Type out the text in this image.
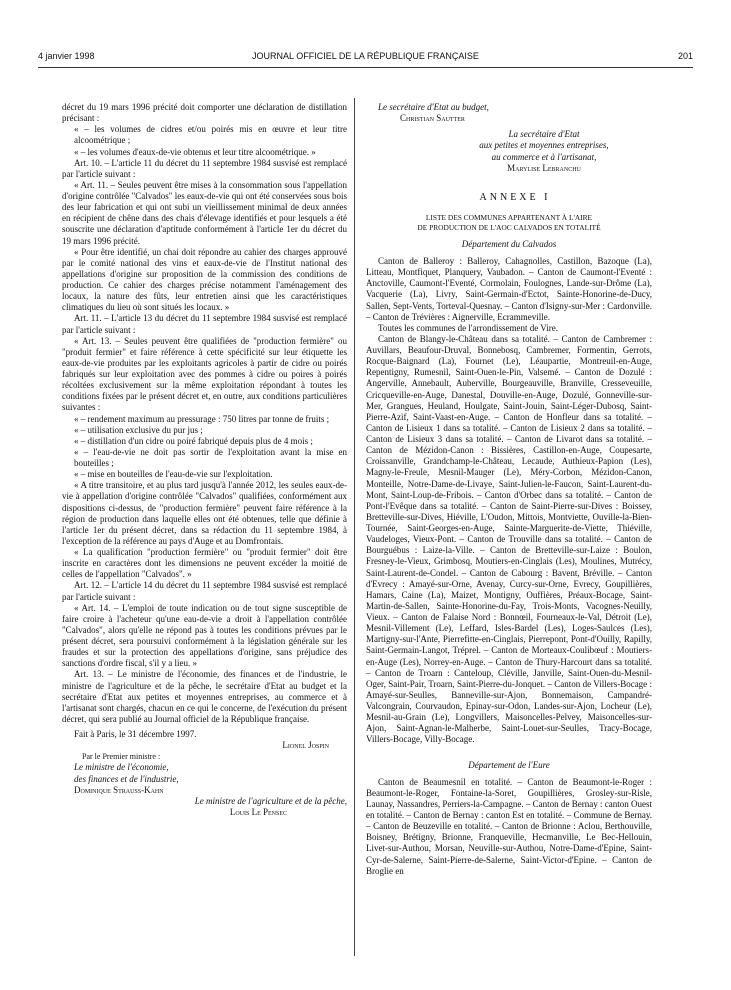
4 janvier 1998	JOURNAL OFFICIEL DE LA RÉPUBLIQUE FRANÇAISE	201

décret du 19 mars 1996 précité doit comporter une déclaration de distillation précisant :

« – les volumes de cidres et/ou poirés mis en œuvre et leur titre alcoométrique ;

« – les volumes d'eaux-de-vie obtenus et leur titre alcoométrique. »

Art. 10. – L'article 11 du décret du 11 septembre 1984 susvisé est remplacé par l'article suivant :

« Art. 11. – Seules peuvent être mises à la consommation sous l'appellation d'origine contrôlée "Calvados" les eaux-de-vie qui ont été conservées sous bois des leur fabrication et qui ont subi un vieillissement minimal de deux années en récipient de chêne dans des chais d'élevage identifiés et pour lesquels a été souscrite une déclaration d'aptitude conformément à l'article 1er du décret du 19 mars 1996 précité.

« Pour être identifié, un chai doit répondre au cahier des charges approuvé par le comité national des vins et eaux-de-vie de l'Institut national des appellations d'origine sur proposition de la commission des conditions de production. Ce cahier des charges précise notamment l'aménagement des locaux, la nature des fûts, leur entretien ainsi que les caractéristiques climatiques du lieu où sont situés les locaux. »

Art. 11. – L'article 13 du décret du 11 septembre 1984 susvisé est remplacé par l'article suivant :

« Art. 13. – Seules peuvent être qualifiées de "production fermière" ou "produit fermier" et faire référence à cette spécificité sur leur étiquette les eaux-de-vie produites par les exploitants agricoles à partir de cidre ou poirés fabriqués sur leur exploitation avec des pommes à cidre ou poires à poirés récoltées exclusivement sur la même exploitation répondant à toutes les conditions fixées par le présent décret et, en outre, aux conditions particulières suivantes :

« – rendement maximum au pressurage : 750 litres par tonne de fruits ;

« – utilisation exclusive du pur jus ;

« – distillation d'un cidre ou poiré fabriqué depuis plus de 4 mois ;

« – l'eau-de-vie ne doit pas sortir de l'exploitation avant la mise en bouteilles ;

« – mise en bouteilles de l'eau-de-vie sur l'exploitation.

« A titre transitoire, et au plus tard jusqu'à l'année 2012, les seules eaux-de-vie à appellation d'origine contrôlée "Calvados" qualifiées, conformément aux dispositions ci-dessus, de "production fermière" peuvent faire référence à la région de production dans laquelle elles ont été obtenues, telle que définie à l'article 1er du présent décret, dans sa rédaction du 11 septembre 1984, à l'exception de la référence au pays d'Auge et au Domfrontais.

« La qualification "production fermière" ou "produit fermier" doit être inscrite en caractères dont les dimensions ne peuvent excéder la moitié de celles de l'appellation "Calvados". »

Art. 12. – L'article 14 du décret du 11 septembre 1984 susvisé est remplacé par l'article suivant :

« Art. 14. – L'emploi de toute indication ou de tout signe susceptible de faire croire à l'acheteur qu'une eau-de-vie a droit à l'appellation contrôlée "Calvados", alors qu'elle ne répond pas à toutes les conditions prévues par le présent décret, sera poursuivi conformément à la législation générale sur les fraudes et sur la protection des appellations d'origine, sans préjudice des sanctions d'ordre fiscal, s'il y a lieu. »

Art. 13. – Le ministre de l'économie, des finances et de l'industrie, le ministre de l'agriculture et de la pêche, le secrétaire d'Etat au budget et la secrétaire d'Etat aux petites et moyennes entreprises, au commerce et à l'artisanat sont chargés, chacun en ce qui le concerne, de l'exécution du présent décret, qui sera publié au Journal officiel de la République française.

Fait à Paris, le 31 décembre 1997.

Lionel Jospin

Par le Premier ministre :

Le ministre de l'économie,

des finances et de l'industrie,

Dominique Strauss-Kahn

Le ministre de l'agriculture et de la pêche,

Louis Le Pensec

Le secrétaire d'Etat au budget,

Christian Sautter

La secrétaire d'Etat
aux petites et moyennes entreprises,
au commerce et à l'artisanat,
Marylise Lebranchu

ANNEXE I

LISTE DES COMMUNES APPARTENANT À L'AIRE
DE PRODUCTION DE L'AOC CALVADOS EN TOTALITÉ

Département du Calvados

Canton de Balleroy : Balleroy, Cahagnolles, Castillon, Bazoque (La), Litteau, Montfiquet, Planquery, Vaubadon. – Canton de Caumont-l'Eventé : Anctoville, Caumont-l'Eventé, Cormolain, Foulognes, Lande-sur-Drôme (La), Vacquerie (La), Livry, Saint-Germain-d'Ectot, Sainte-Honorine-de-Ducy, Sallen, Sept-Vents, Torteval-Quesnay. – Canton d'Isigny-sur-Mer : Cardonville. – Canton de Trévières : Aignerville, Ecrammeville.

Toutes les communes de l'arrondissement de Vire.

Canton de Blangy-le-Château dans sa totalité. – Canton de Cambremer : Auvillars, Beaufour-Druval, Bonnebosq, Cambremer, Formentin, Gerrots, Rocque-Baignard (La), Fournet (Le), Léaupartie, Montreuil-en-Auge, Repentigny, Rumesnil, Saint-Ouen-le-Pin, Valsemé. – Canton de Dozulé : Angerville, Annebault, Auberville, Bourgeauville, Branville, Cresseveuille, Cricqueville-en-Auge, Danestal, Douville-en-Auge, Dozulé, Gonneville-sur-Mer, Grangues, Heuland, Houlgate, Saint-Jouin, Saint-Léger-Dubosq, Saint-Pierre-Azif, Saint-Vaast-en-Auge. – Canton de Honfleur dans sa totalité. – Canton de Lisieux 1 dans sa totalité. – Canton de Lisieux 2 dans sa totalité. – Canton de Lisieux 3 dans sa totalité. – Canton de Livarot dans sa totalité. – Canton de Mézidon-Canon : Bissières, Castillon-en-Auge, Coupesarte, Croissanville, Grandchamp-le-Château, Lecaude, Authieux-Papion (Les), Magny-le-Freule, Mesnil-Mauger (Le), Méry-Corbon, Mézidon-Canon, Monteille, Notre-Dame-de-Livaye, Saint-Julien-le-Faucon, Saint-Laurent-du-Mont, Saint-Loup-de-Fribois. – Canton d'Orbec dans sa totalité. – Canton de Pont-l'Evêque dans sa totalité. – Canton de Saint-Pierre-sur-Dives : Boissey, Bretteville-sur-Dives, Hiéville, L'Oudon, Mittois, Montviette, Ouville-la-Bien-Tournée, Saint-Georges-en-Auge, Sainte-Marguerite-de-Viette, Thiéville, Vaudeloges, Vieux-Pont. – Canton de Trouville dans sa totalité. – Canton de Bourguébus : Laize-la-Ville. – Canton de Bretteville-sur-Laize : Boulon, Fresney-le-Vieux, Grimbosq, Moutiers-en-Cinglais (Les), Moulines, Mutrécy, Saint-Laurent-de-Condel. – Canton de Cabourg : Bavent, Bréville. – Canton d'Evrecy : Amayé-sur-Orne, Avenay, Curcy-sur-Orne, Evrecy, Goupillières, Hamars, Caine (La), Maizet, Montigny, Ouffières, Préaux-Bocage, Saint-Martin-de-Sallen, Sainte-Honorine-du-Fay, Trois-Monts, Vacognes-Neuilly, Vieux. – Canton de Falaise Nord : Bonnœil, Fourneaux-le-Val, Détroit (Le), Mesnil-Villement (Le), Leffard, Isles-Bardel (Les), Loges-Saulces (Les), Martigny-sur-l'Ante, Pierrefitte-en-Cinglais, Pierrepont, Pont-d'Ouilly, Rapilly, Saint-Germain-Langot, Tréprel. – Canton de Morteaux-Coulibœuf : Moutiers-en-Auge (Les), Norrey-en-Auge. – Canton de Thury-Harcourt dans sa totalité. – Canton de Troarn : Canteloup, Cléville, Janville, Saint-Ouen-du-Mesnil-Oger, Saint-Pair, Troarn, Saint-Pierre-du-Jonquet. – Canton de Villers-Bocage : Amayé-sur-Seulles, Banneville-sur-Ajon, Bonnemaison, Campandré-Valcongrain, Courvaudon, Epinay-sur-Odon, Landes-sur-Ajon, Locheur (Le), Mesnil-au-Grain (Le), Longvillers, Maisoncelles-Pelvey, Maisoncelles-sur-Ajon, Saint-Agnan-le-Malherbe, Saint-Louet-sur-Seulles, Tracy-Bocage, Villers-Bocage, Villy-Bocage.

Département de l'Eure

Canton de Beaumesnil en totalité. – Canton de Beaumont-le-Roger : Beaumont-le-Roger, Fontaine-la-Soret, Goupillières, Grosley-sur-Risle, Launay, Nassandres, Perriers-la-Campagne. – Canton de Bernay : canton Ouest en totalité. – Canton de Bernay : canton Est en totalité. – Commune de Bernay. – Canton de Beuzeville en totalité. – Canton de Brionne : Aclou, Berthouville, Boisney, Brétigny, Brionne, Franqueville, Hecmanville, Le Bec-Hellouin, Livet-sur-Authou, Morsan, Neuville-sur-Authou, Notre-Dame-d'Epine, Saint-Cyr-de-Salerne, Saint-Pierre-de-Salerne, Saint-Victor-d'Epine. – Canton de Broglie en
